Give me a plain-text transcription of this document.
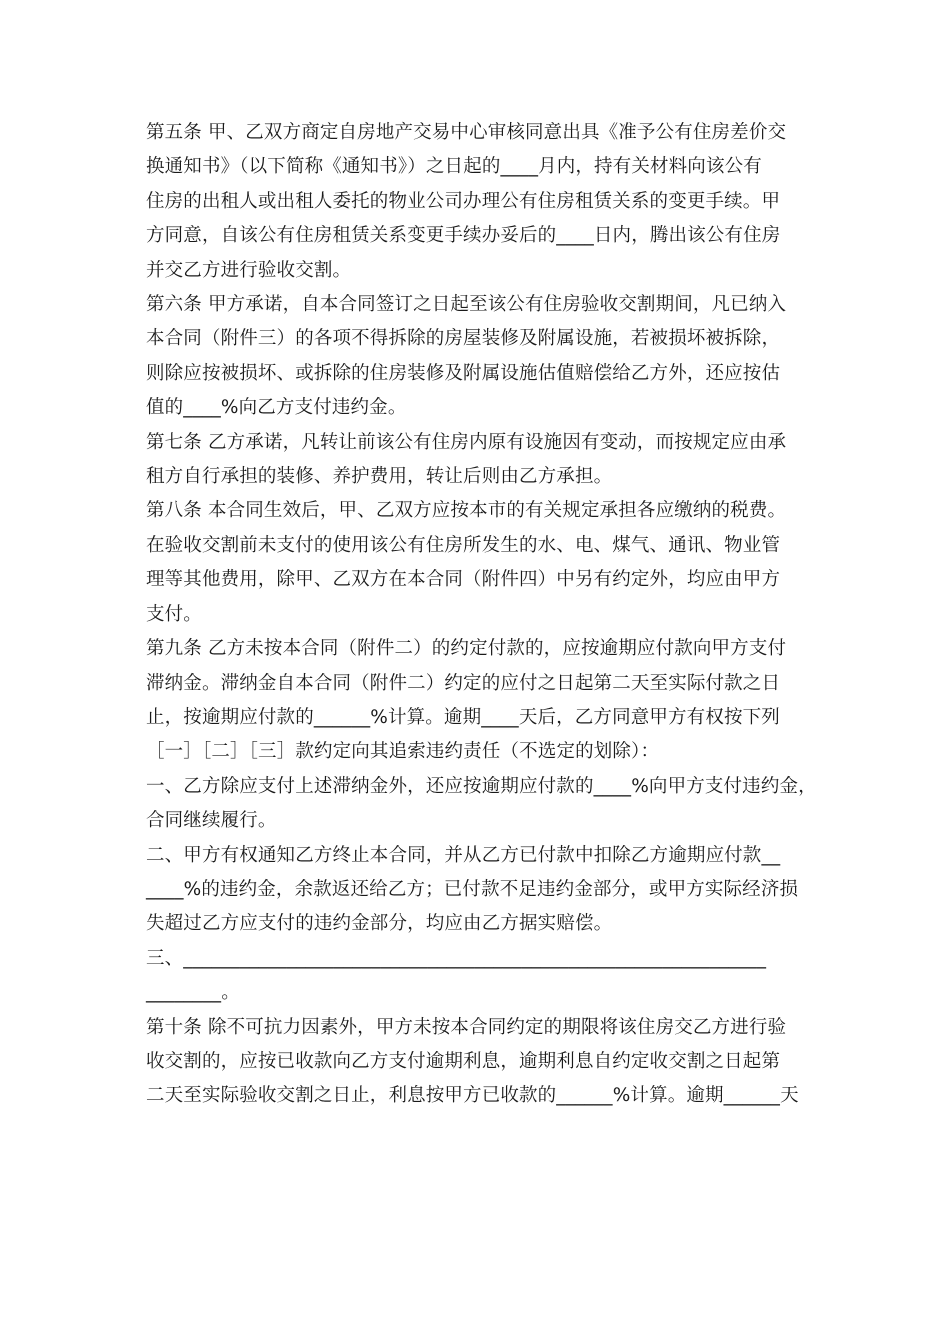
第五条 甲、乙双方商定自房地产交易中心审核同意出具《准予公有住房差价交
换通知书》（以下简称《通知书》）之日起的____月内，持有关材料向该公有
住房的出租人或出租人委托的物业公司办理公有住房租赁关系的变更手续。甲
方同意，自该公有住房租赁关系变更手续办妥后的____日内，腾出该公有住房
并交乙方进行验收交割。
第六条 甲方承诺，自本合同签订之日起至该公有住房验收交割期间，凡已纳入
本合同（附件三）的各项不得拆除的房屋装修及附属设施，若被损坏被拆除，
则除应按被损坏、或拆除的住房装修及附属设施估值赔偿给乙方外，还应按估
值的____%向乙方支付违约金。
第七条 乙方承诺，凡转让前该公有住房内原有设施因有变动，而按规定应由承
租方自行承担的装修、养护费用，转让后则由乙方承担。
第八条 本合同生效后，甲、乙双方应按本市的有关规定承担各应缴纳的税费。
在验收交割前未支付的使用该公有住房所发生的水、电、煤气、通讯、物业管
理等其他费用，除甲、乙双方在本合同（附件四）中另有约定外，均应由甲方
支付。
第九条 乙方未按本合同（附件二）的约定付款的，应按逾期应付款向甲方支付
滞纳金。滞纳金自本合同（附件二）约定的应付之日起第二天至实际付款之日
止，按逾期应付款的______%计算。逾期____天后，乙方同意甲方有权按下列
［一］［二］［三］款约定向其追索违约责任（不选定的划除）：
一、乙方除应支付上述滞纳金外，还应按逾期应付款的____%向甲方支付违约金，
合同继续履行。
二、甲方有权通知乙方终止本合同，并从乙方已付款中扣除乙方逾期应付款__
____%的违约金，余款返还给乙方；已付款不足违约金部分，或甲方实际经济损
失超过乙方应支付的违约金部分，均应由乙方据实赔偿。
三、______________________________________________________________
________。
第十条 除不可抗力因素外，甲方未按本合同约定的期限将该住房交乙方进行验
收交割的，应按已收款向乙方支付逾期利息，逾期利息自约定收交割之日起第
二天至实际验收交割之日止，利息按甲方已收款的______%计算。逾期______天
